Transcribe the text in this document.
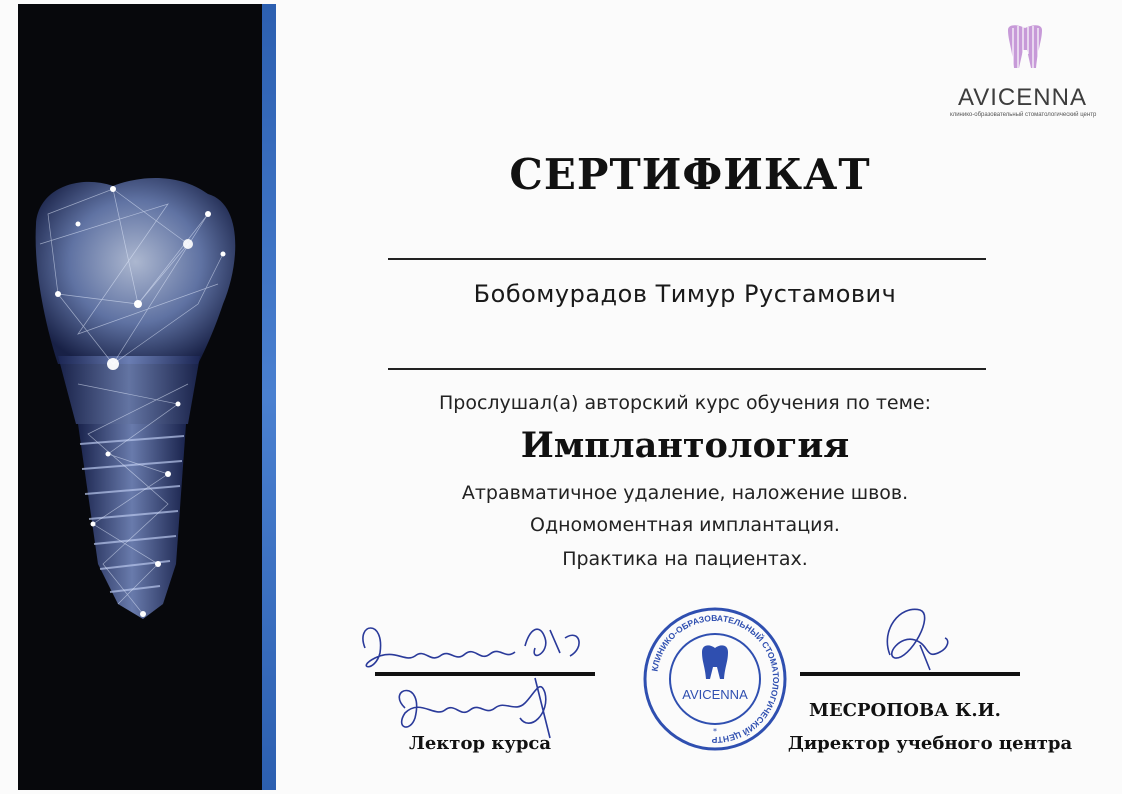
AVICENNA
клинико-образовательный стоматологический центр
СЕРТИФИКАТ
Бобомурадов Тимур Рустамович
Прослушал(а) авторский курс обучения по теме:
Имплантология
Атравматичное удаление, наложение швов.
Одномоментная имплантация.
Практика на пациентах.
Лектор курса
КЛИНИКО-ОБРАЗОВАТЕЛЬНЫЙ СТОМАТОЛОГИЧЕСКИЙ ЦЕНТР
AVICENNA
*
МЕСРОПОВА К.И.
Директор учебного центра
